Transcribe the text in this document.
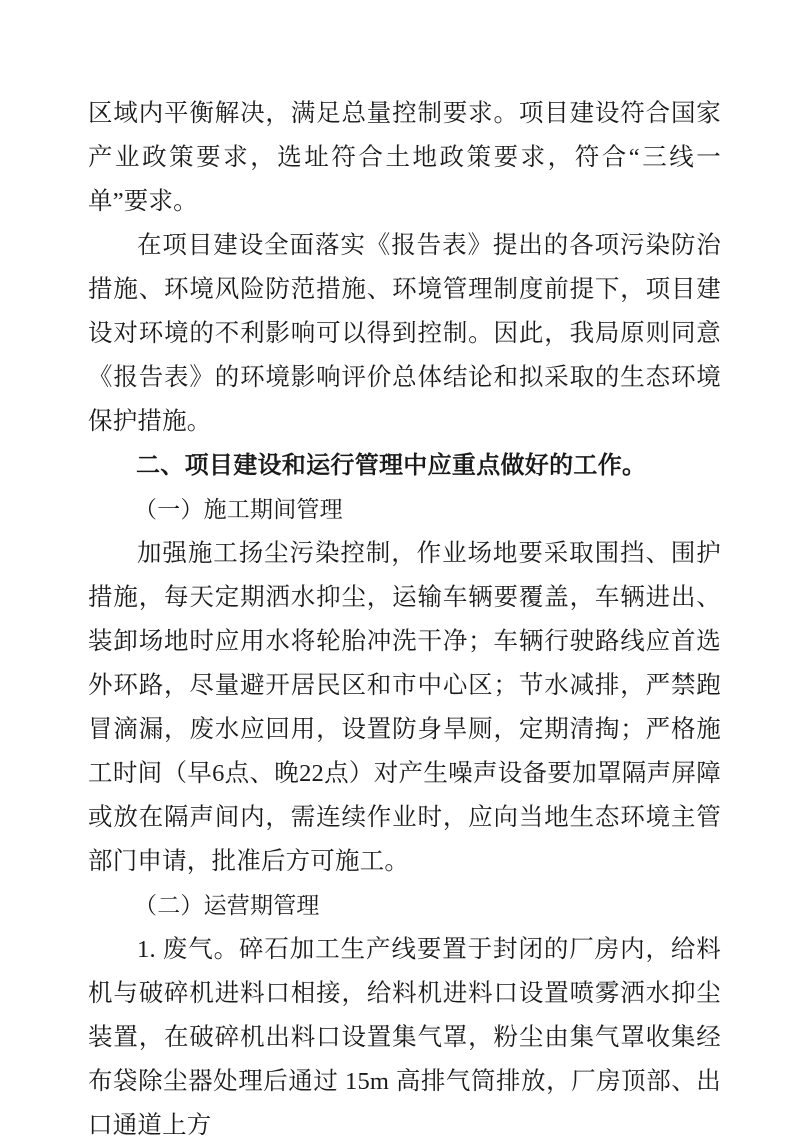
区域内平衡解决，满足总量控制要求。项目建设符合国家产业政策要求，选址符合土地政策要求，符合“三线一单”要求。

在项目建设全面落实《报告表》提出的各项污染防治措施、环境风险防范措施、环境管理制度前提下，项目建设对环境的不利影响可以得到控制。因此，我局原则同意《报告表》的环境影响评价总体结论和拟采取的生态环境保护措施。

二、项目建设和运行管理中应重点做好的工作。

（一）施工期间管理

加强施工扬尘污染控制，作业场地要采取围挡、围护措施，每天定期洒水抑尘，运输车辆要覆盖，车辆进出、装卸场地时应用水将轮胎冲洗干净；车辆行驶路线应首选外环路，尽量避开居民区和市中心区；节水减排，严禁跑冒滴漏，废水应回用，设置防身旱厕，定期清掏；严格施工时间（早6点、晚22点）对产生噪声设备要加罩隔声屏障或放在隔声间内，需连续作业时，应向当地生态环境主管部门申请，批准后方可施工。

（二）运营期管理

1. 废气。碎石加工生产线要置于封闭的厂房内，给料机与破碎机进料口相接，给料机进料口设置喷雾洒水抑尘装置，在破碎机出料口设置集气罩，粉尘由集气罩收集经布袋除尘器处理后通过 15m 高排气筒排放，厂房顶部、出口通道上方
